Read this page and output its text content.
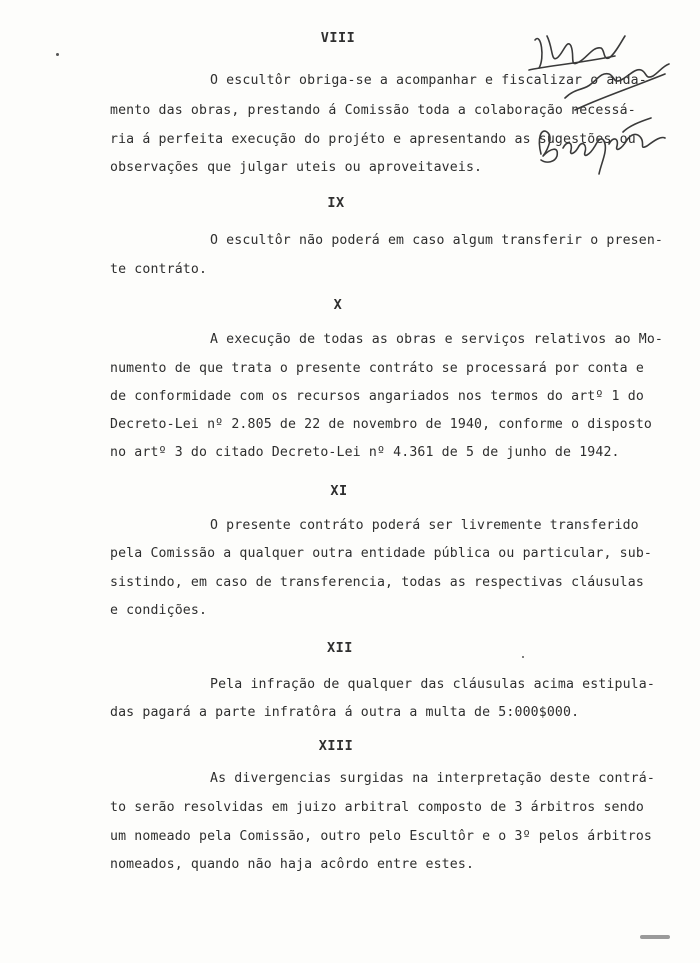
VIII
O escultôr obriga-se a acompanhar e fiscalizar o anda-
mento das obras, prestando á Comissão toda a colaboração necessá-
ria á perfeita execução do projéto e apresentando as sugestões ou
observações que julgar uteis ou aproveitaveis.
IX
O escultôr não poderá em caso algum transferir o presen-
te contráto.
X
A execução de todas as obras e serviços relativos ao Mo-
numento de que trata o presente contráto se processará por conta e
de conformidade com os recursos angariados nos termos do artº 1 do
Decreto-Lei nº 2.805 de 22 de novembro de 1940, conforme o disposto
no artº 3 do citado Decreto-Lei nº 4.361 de 5 de junho de 1942.
XI
O presente contráto poderá ser livremente transferido
pela Comissão a qualquer outra entidade pública ou particular, sub-
sistindo, em caso de transferencia, todas as respectivas cláusulas
e condições.
XII
Pela infração de qualquer das cláusulas acima estipula-
das pagará a parte infratôra á outra a multa de 5:000$000.
XIII
As divergencias surgidas na interpretação deste contrá-
to serão resolvidas em juizo arbitral composto de 3 árbitros sendo
um nomeado pela Comissão, outro pelo Escultôr e o 3º pelos árbitros
nomeados, quando não haja acôrdo entre estes.
